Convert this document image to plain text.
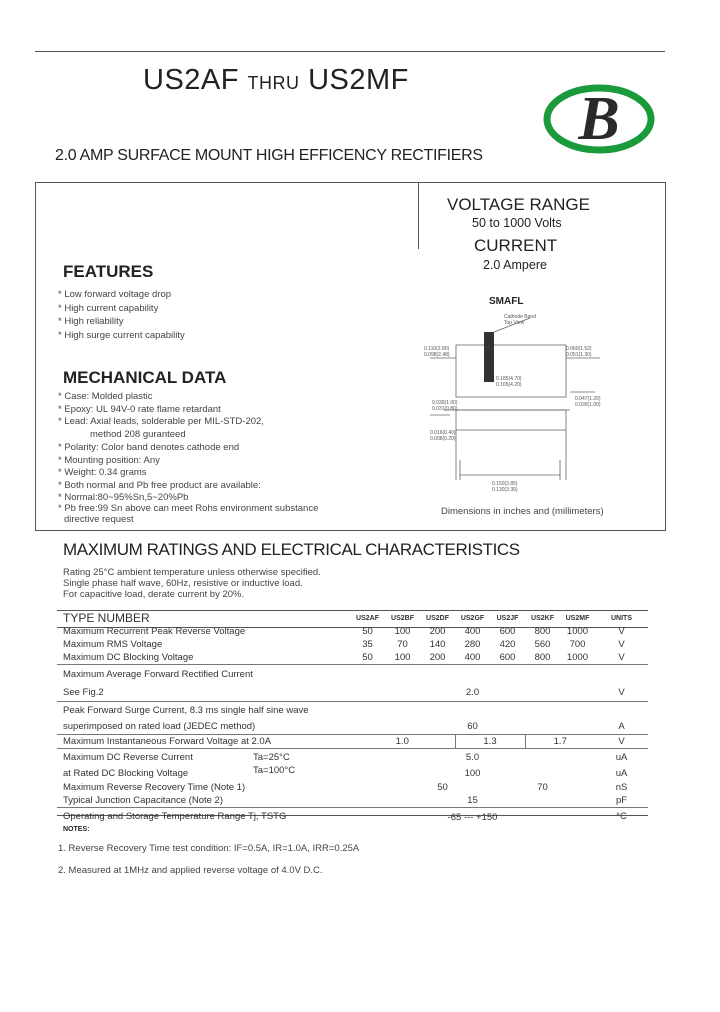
US2AF THRU US2MF
2.0 AMP SURFACE MOUNT HIGH EFFICENCY RECTIFIERS
B
VOLTAGE RANGE
50 to 1000 Volts
CURRENT
2.0 Ampere
FEATURES
* Low forward voltage drop
* High current capability
* High reliability
* High surge current capability
MECHANICAL DATA
* Case: Molded plastic
* Epoxy: UL 94V-0 rate flame retardant
* Lead: Axial leads, solderable per MIL-STD-202,
method 208 guranteed
* Polarity: Color band denotes cathode end
* Mounting position: Any
* Weight: 0.34 grams
* Both normal and Pb free product are available:
* Normal:80~95%Sn,5~20%Pb
* Pb free:99 Sn above can meet Rohs environment substance
directive request
SMAFL
Cathode Band Top View
0.110(2.80)
0.098(2.48)
0.060(1.52)
0.051(1.30)
0.185(4.70)
0.165(4.20)
0.047(1.20)
0.039(1.00)
0.039(1.00)
0.031(0.80)
0.016(0.40)
0.008(0.20)
0.150(3.85)
0.130(3.30)
Dimensions in inches and (millimeters)
MAXIMUM RATINGS AND ELECTRICAL CHARACTERISTICS
Rating 25°C ambient temperature unless otherwise specified.
Single phase half wave, 60Hz, resistive or inductive load.
For capacitive load, derate current by 20%.
TYPE NUMBER	US2AF	US2BF	US2DF	US2GF	US2JF	US2KF	US2MF	UNITS
Maximum Recurrent Peak Reverse Voltage	50	100	200	400	600	800	1000	V
Maximum RMS Voltage	35	70	140	280	420	560	700	V
Maximum DC Blocking Voltage	50	100	200	400	600	800	1000	V
Maximum Average Forward Rectified Current								
See Fig.2	2.0							V
Peak Forward Surge Current, 8.3 ms single half sine wave								
superimposed on rated load (JEDEC method)	60							A
Maximum Instantaneous Forward Voltage at 2.0A	1.0			1.3		1.7		V
Maximum DC Reverse Current Ta=25°C	5.0							uA
at Rated DC Blocking Voltage Ta=100°C	100							uA
Maximum Reverse Recovery Time (Note 1)	50				70			nS
Typical Junction Capacitance (Note 2)	15							pF
Operating and Storage Temperature Range Tj, TSTG	-65 --- +150							°C
NOTES:
1. Reverse Recovery Time test condition: IF=0.5A, IR=1.0A, IRR=0.25A
2. Measured at 1MHz and applied reverse voltage of 4.0V D.C.
